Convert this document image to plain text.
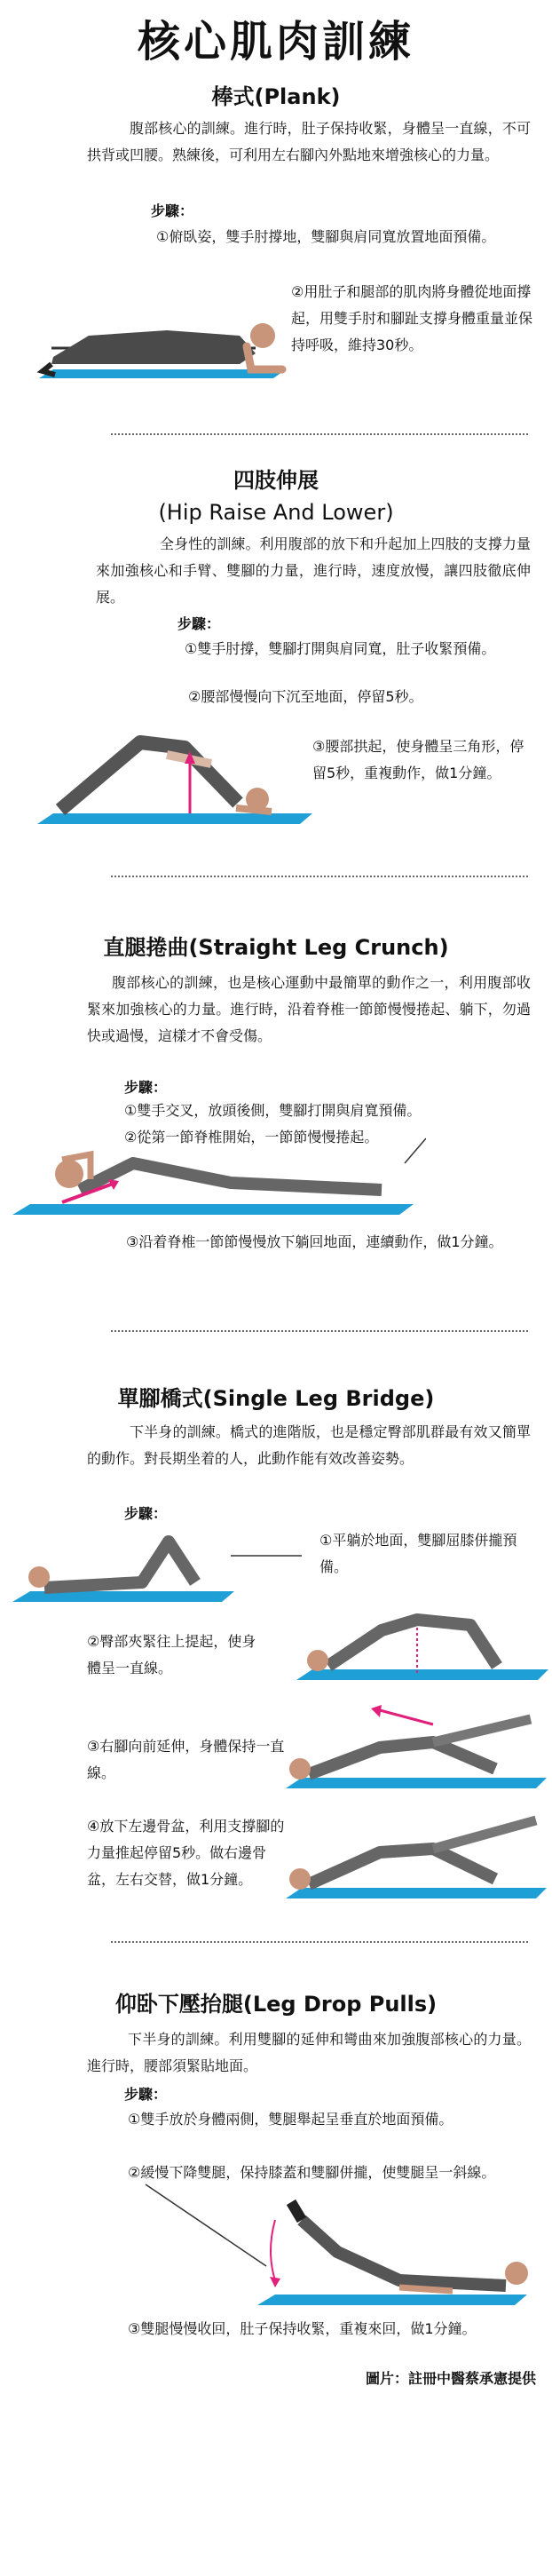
核心肌肉訓練
棒式(Plank)
腹部核心的訓練。進行時，肚子保持收緊，身體呈一直線，不可拱背或凹腰。熟練後，可利用左右腳內外點地來增強核心的力量。
步驟：
①俯臥姿，雙手肘撐地，雙腳與肩同寬放置地面預備。
②用肚子和腿部的肌肉將身體從地面撐起，用雙手肘和腳趾支撐身體重量並保持呼吸，維持30秒。
四肢伸展
(Hip Raise And Lower)
全身性的訓練。利用腹部的放下和升起加上四肢的支撐力量來加強核心和手臂、雙腳的力量，進行時，速度放慢，讓四肢徹底伸展。
步驟：
①雙手肘撐，雙腳打開與肩同寬，肚子收緊預備。
②腰部慢慢向下沉至地面，停留5秒。
③腰部拱起，使身體呈三角形，停留5秒，重複動作，做1分鐘。
直腿捲曲(Straight Leg Crunch)
腹部核心的訓練，也是核心運動中最簡單的動作之一，利用腹部收緊來加強核心的力量。進行時，沿着脊椎一節節慢慢捲起、躺下，勿過快或過慢，這樣才不會受傷。
步驟：
①雙手交叉，放頭後側，雙腳打開與肩寬預備。
②從第一節脊椎開始，一節節慢慢捲起。
③沿着脊椎一節節慢慢放下躺回地面，連續動作，做1分鐘。
單腳橋式(Single Leg Bridge)
下半身的訓練。橋式的進階版，也是穩定臀部肌群最有效又簡單的動作。對長期坐着的人，此動作能有效改善姿勢。
步驟：
①平躺於地面，雙腳屈膝併攏預備。
②臀部夾緊往上提起，使身體呈一直線。
③右腳向前延伸，身體保持一直線。
④放下左邊骨盆，利用支撐腳的力量推起停留5秒。做右邊骨盆，左右交替，做1分鐘。
仰卧下壓抬腿(Leg Drop Pulls)
下半身的訓練。利用雙腳的延伸和彎曲來加強腹部核心的力量。進行時，腰部須緊貼地面。
步驟：
①雙手放於身體兩側，雙腿舉起呈垂直於地面預備。
②緩慢下降雙腿，保持膝蓋和雙腳併攏，使雙腿呈一斜線。
③雙腿慢慢收回，肚子保持收緊，重複來回，做1分鐘。
圖片：註冊中醫蔡承憲提供
